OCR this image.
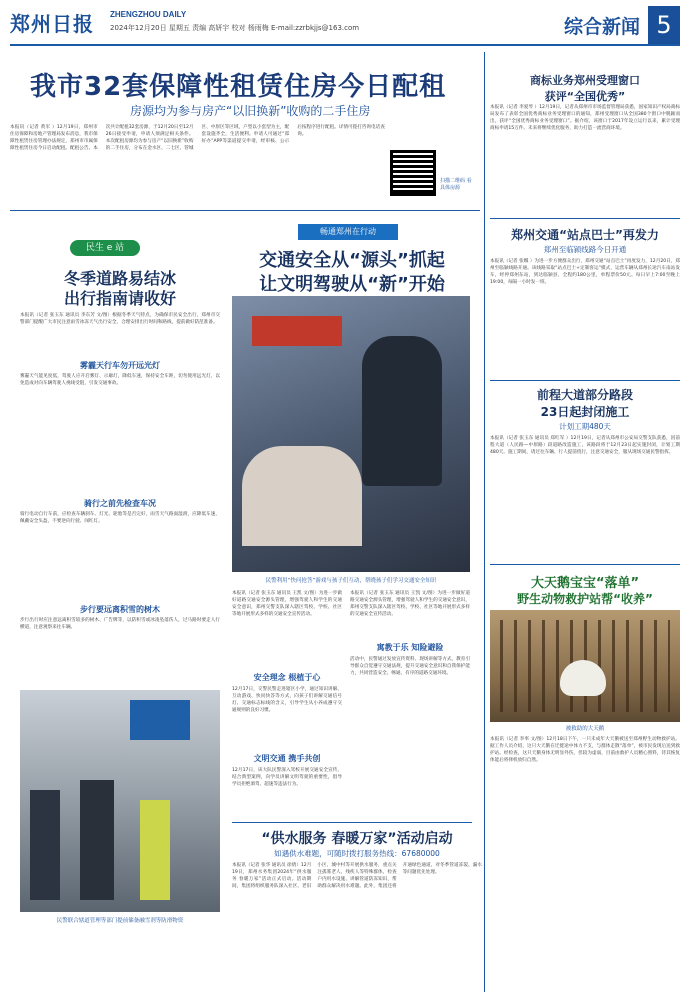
郑州日报 ZHENGZHOU DAILY
2024年12月20日 星期五 责编 高妍宇 校对 杨雨梅 E-mail:zzrbkjjs@163.com	综合新闻 5
我市32套保障性租赁住房今日配租
房源均为参与房产“以旧换新”收购的二手住房
本报讯（记者 黄军 ）12月19日，郑州市住房保障和房地产管理局发布消息，我市保障性租赁住房管理办法规定，郑州市市属保障性租赁住房今日启动配租。配租公告、本次共计配租32套房源，于12月20日至12月26日接受申请，申请人须满足相关条件。本次配租房源均为参与房产“以旧换新”收购的二手住房，分布在金水区、二七区、管城区、中原区等区域，户型以小套型为主，配套设施齐全，生活便利。申请人可通过“郑好办”APP等渠道提交申请，经审核、公示后按程序进行配租。详情可拨打咨询电话查询。
扫描二维码 看具体房源
民生 e 站
冬季道路易结冰
出行指南请收好
本报讯（记者 张玉东 通讯员 李东芳 文/图）根据冬季天气特点，为确保市民安全出行，郑州市交警部门提醒广大市民注意雨雪冰冻天气出行安全，合理安排出行时间和路线，提前做好防范准备。
雾霾天行车勿开远光灯
雾霾天气能见度低，驾驶人应开启雾灯、示廓灯，降低车速，保持安全车距，切勿使用远光灯，以免造成对向车辆驾驶人视线受阻，引发交通事故。
骑行之前先检查车况
骑行电动自行车前，应检查车辆刹车、灯光、轮胎等是否完好，雨雪天气路面湿滑，应降低车速，佩戴安全头盔，不要逆向行驶、闯红灯。
步行要远离积雪的树木
步行出行时应注意远离积雪较多的树木、广告牌等，以防积雪或冰凌坠落伤人，过马路时要走人行横道，注意观察来往车辆。
民警联合辖道管理等部门提前储备融雪剂等防滑物资
畅通郑州在行动
交通安全从“源头”抓起
让文明驾驶从“新”开始
民警利用“快问抢答”游戏与孩子们互动，帮晓孩子们学习交通安全知识
本报讯（记者 张玉东 通讯员 王凯 文/图）为进一步做好道路交通安全源头管理，增强驾驶人和学生的交通安全意识，郑州交警支队深入辖区驾校、学校、社区等地开展形式多样的交通安全宣传活动。
安全理念 根植于心
12月17日，交警民警走进辖区小学，通过知识讲解、互动游戏、快问快答等方式，向孩子们讲解交通信号灯、交通标志标线的含义，引导学生从小养成遵守交通规则的良好习惯。
文明交通 携手共创
12月17日，该大队民警深入驾校开展交通安全宣传，结合典型案例，向学员讲解文明驾驶的重要性，倡导学员拒绝酒驾、超速等违法行为。
本报讯（记者 张玉东 通讯员 王凯 文/图）为进一步做好道路交通安全源头管理，增强驾驶人和学生的交通安全意识，郑州交警支队深入辖区驾校、学校、社区等地开展形式多样的交通安全宣传活动。
寓教于乐 知险避险
活动中，民警通过发放宣传资料、现场讲解等方式，教育引导群众自觉遵守交通法规，提升交通安全意识和自我保护能力，共同营造安全、畅通、有序的道路交通环境。
“供水服务 春暖万家”活动启动
如遇供水难题，可随时拨打服务热线：67680000
本报讯（记者 张华 通讯员 徐倩）12月19日，郑州水务集团2024年“供水服务 春暖万家”活动正式启动。活动期间，集团将组织服务队深入社区、老旧小区、城中村等开展供水服务，重点关注孤寡老人、残疾人等特殊群体，检查户内用水设施、讲解管道防冻知识，帮助群众解决用水难题。此外，集团还将开通绿色通道，对冬季管道冻裂、漏水等问题优先处理。
商标业务郑州受理窗口
获评“全国优秀”
本报讯（记者 李爱琴 ）12月19日，记者从郑州市市场监督管理局获悉，国家知识产权局商标局发布了表彰全国优秀商标业务受理窗口的通知，郑州受理窗口从全国380个窗口中脱颖而出，获评“全国优秀商标业务受理窗口”。据介绍，该窗口于2017年设立运行以来，累计受理商标申请15万件。未来将继续优化服务，助力打造一流营商环境。
郑州交通“站点巴士”再发力
郑州至临颍线路今日开通
本报讯（记者 张娜 ）为进一步方便群众出行，郑州交通“站点巴士”再度发力，12月20日，郑州至临颍线路开通。该线路采取“站点巴士+定制客运”模式，运营车辆从郑州长途汽车南站发车，经停郑州东站，到达临颍县，全程约180公里，单程票价50元。每日早上7:00至晚上19:00，每隔一小时发一班。
前程大道部分路段
23日起封闭施工
计划工期480天
本报讯（记者 张玉东 通讯员 郑红军 ）12月19日，记者从郑州市公安局交警支队获悉，因前程大道（人民路—中原路）段道路改造施工，该路段将于12月23日起实施封闭，计划工期480天。施工期间，请过往车辆、行人提前绕行，注意交通安全，服从现场交通民警指挥。
大天鹅宝宝“落单”
野生动物救护站帮“收养”
被救助的大天鹅
本报讯（记者 李率 文/图）12月18日下午，一只未成年大天鹅被送至郑州野生动物救护站。据工作人员介绍，这只大天鹅在迁徙途中体力不支，与群体走散“落单”，被市民发现后送到救护站。经检查，这只天鹅身体无明显外伤，但较为虚弱，目前由救护人员精心照料，待其恢复体能后将择机放归自然。
